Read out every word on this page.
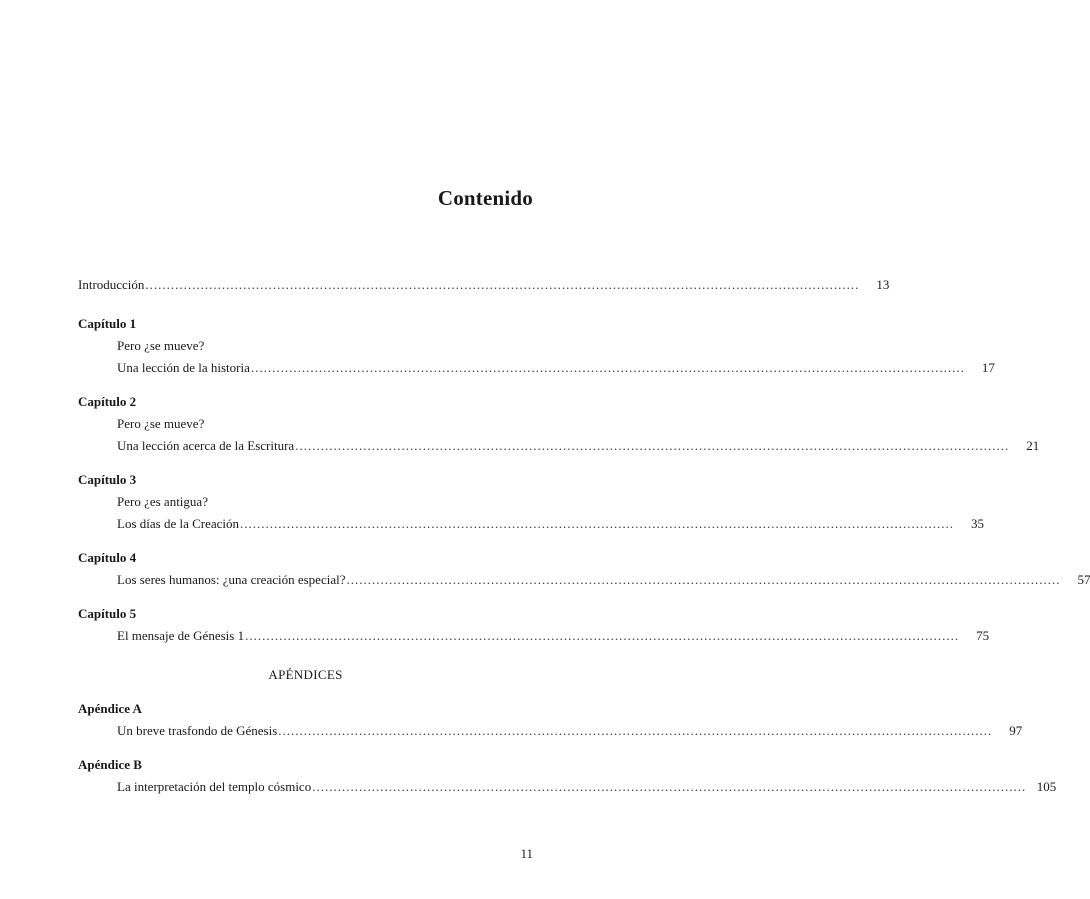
Contenido
Introducción ........................................................................................................................................................................	13
Capítulo 1
Pero ¿se mueve?
Una lección de la historia ........................................................................................................................................................................	17
Capítulo 2
Pero ¿se mueve?
Una lección acerca de la Escritura ........................................................................................................................................................................	21
Capítulo 3
Pero ¿es antigua?
Los días de la Creación ........................................................................................................................................................................	35
Capítulo 4
Los seres humanos: ¿una creación especial? ........................................................................................................................................................................	57
Capítulo 5
El mensaje de Génesis 1 ........................................................................................................................................................................	75
APÉNDICES
Apéndice A
Un breve trasfondo de Génesis ........................................................................................................................................................................	97
Apéndice B
La interpretación del templo cósmico ........................................................................................................................................................................ 105
11
